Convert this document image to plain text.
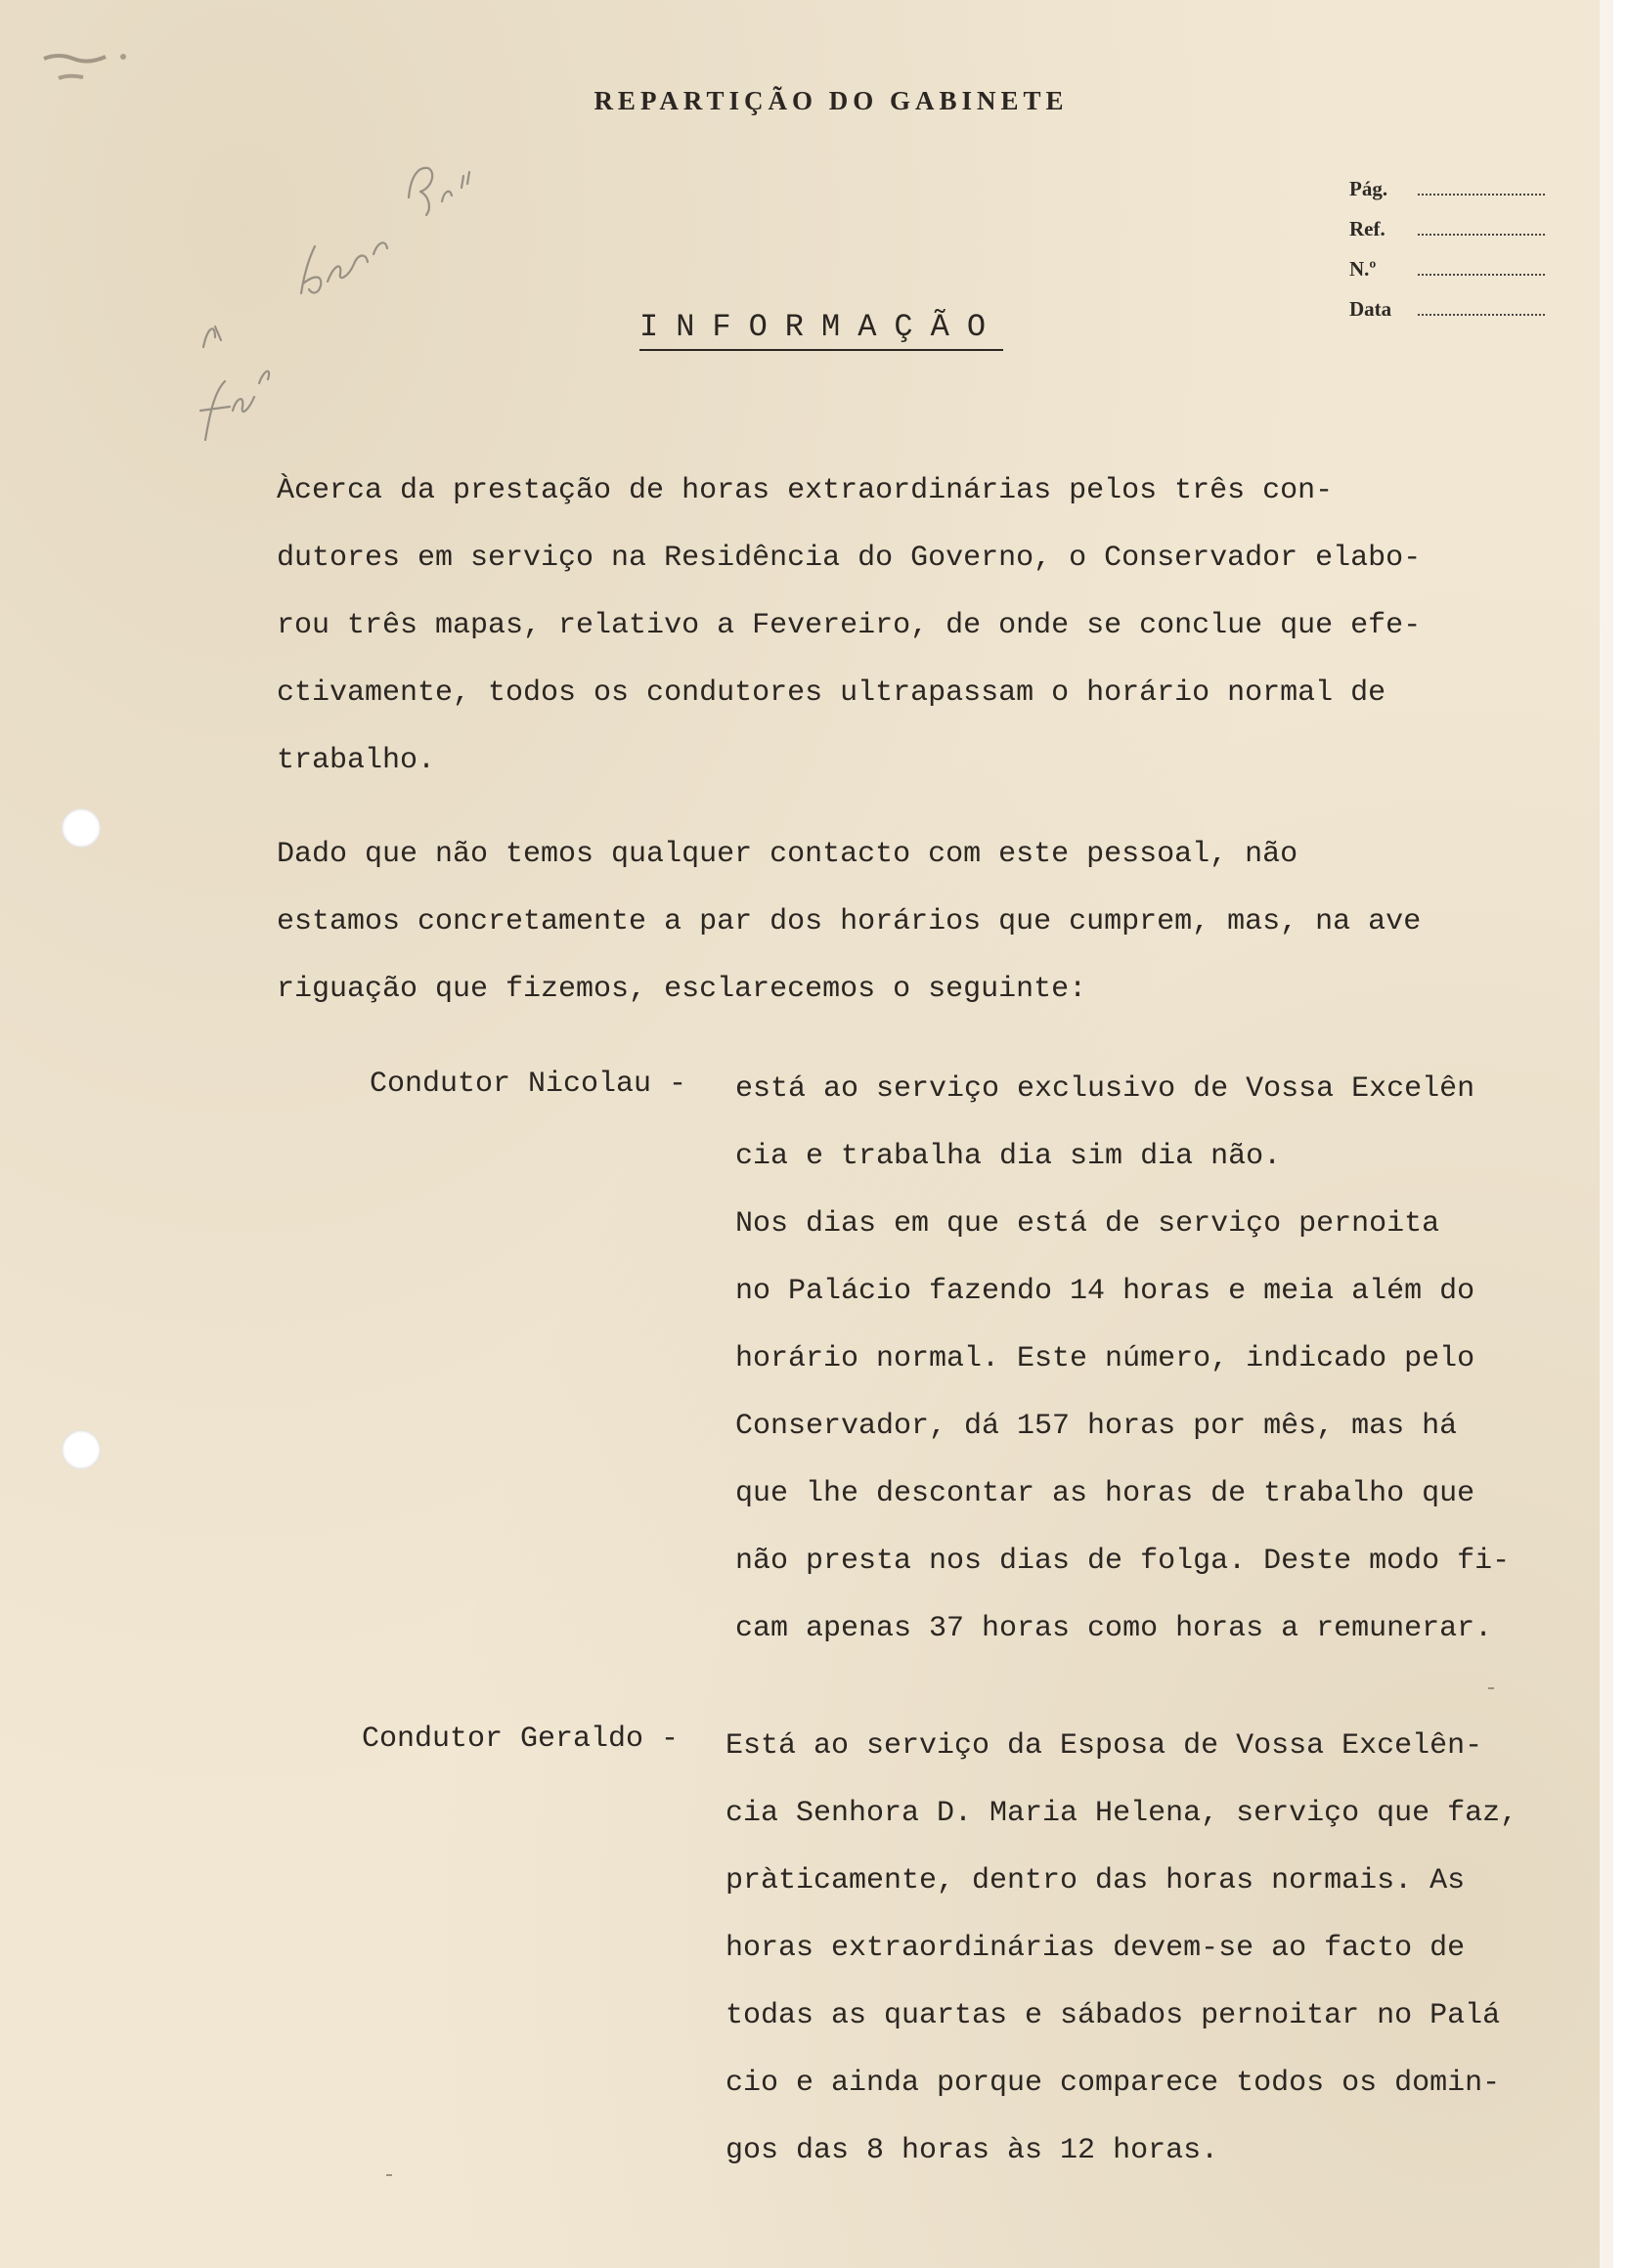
REPARTIÇÃO DO GABINETE
Pág.
Ref.
N.º
Data
INFORMAÇÃO

Àcerca da prestação de horas extraordinárias pelos três con-
dutores em serviço na Residência do Governo, o Conservador elabo-
rou três mapas, relativo a Fevereiro, de onde se conclue que efe-
ctivamente, todos os condutores ultrapassam o horário normal de
trabalho.

Dado que não temos qualquer contacto com este pessoal, não
estamos concretamente a par dos horários que cumprem, mas, na ave
riguação que fizemos, esclarecemos o seguinte:

Condutor Nicolau - está ao serviço exclusivo de Vossa Excelên
cia e trabalha dia sim dia não.
Nos dias em que está de serviço pernoita
no Palácio fazendo 14 horas e meia além do
horário normal. Este número, indicado pelo
Conservador, dá 157 horas por mês, mas há
que lhe descontar as horas de trabalho que
não presta nos dias de folga. Deste modo fi-
cam apenas 37 horas como horas a remunerar.

Condutor Geraldo - Está ao serviço da Esposa de Vossa Excelên-
cia Senhora D. Maria Helena, serviço que faz,
pràticamente, dentro das horas normais. As
horas extraordinárias devem-se ao facto de
todas as quartas e sábados pernoitar no Palá
cio e ainda porque comparece todos os domin-
gos das 8 horas às 12 horas.
